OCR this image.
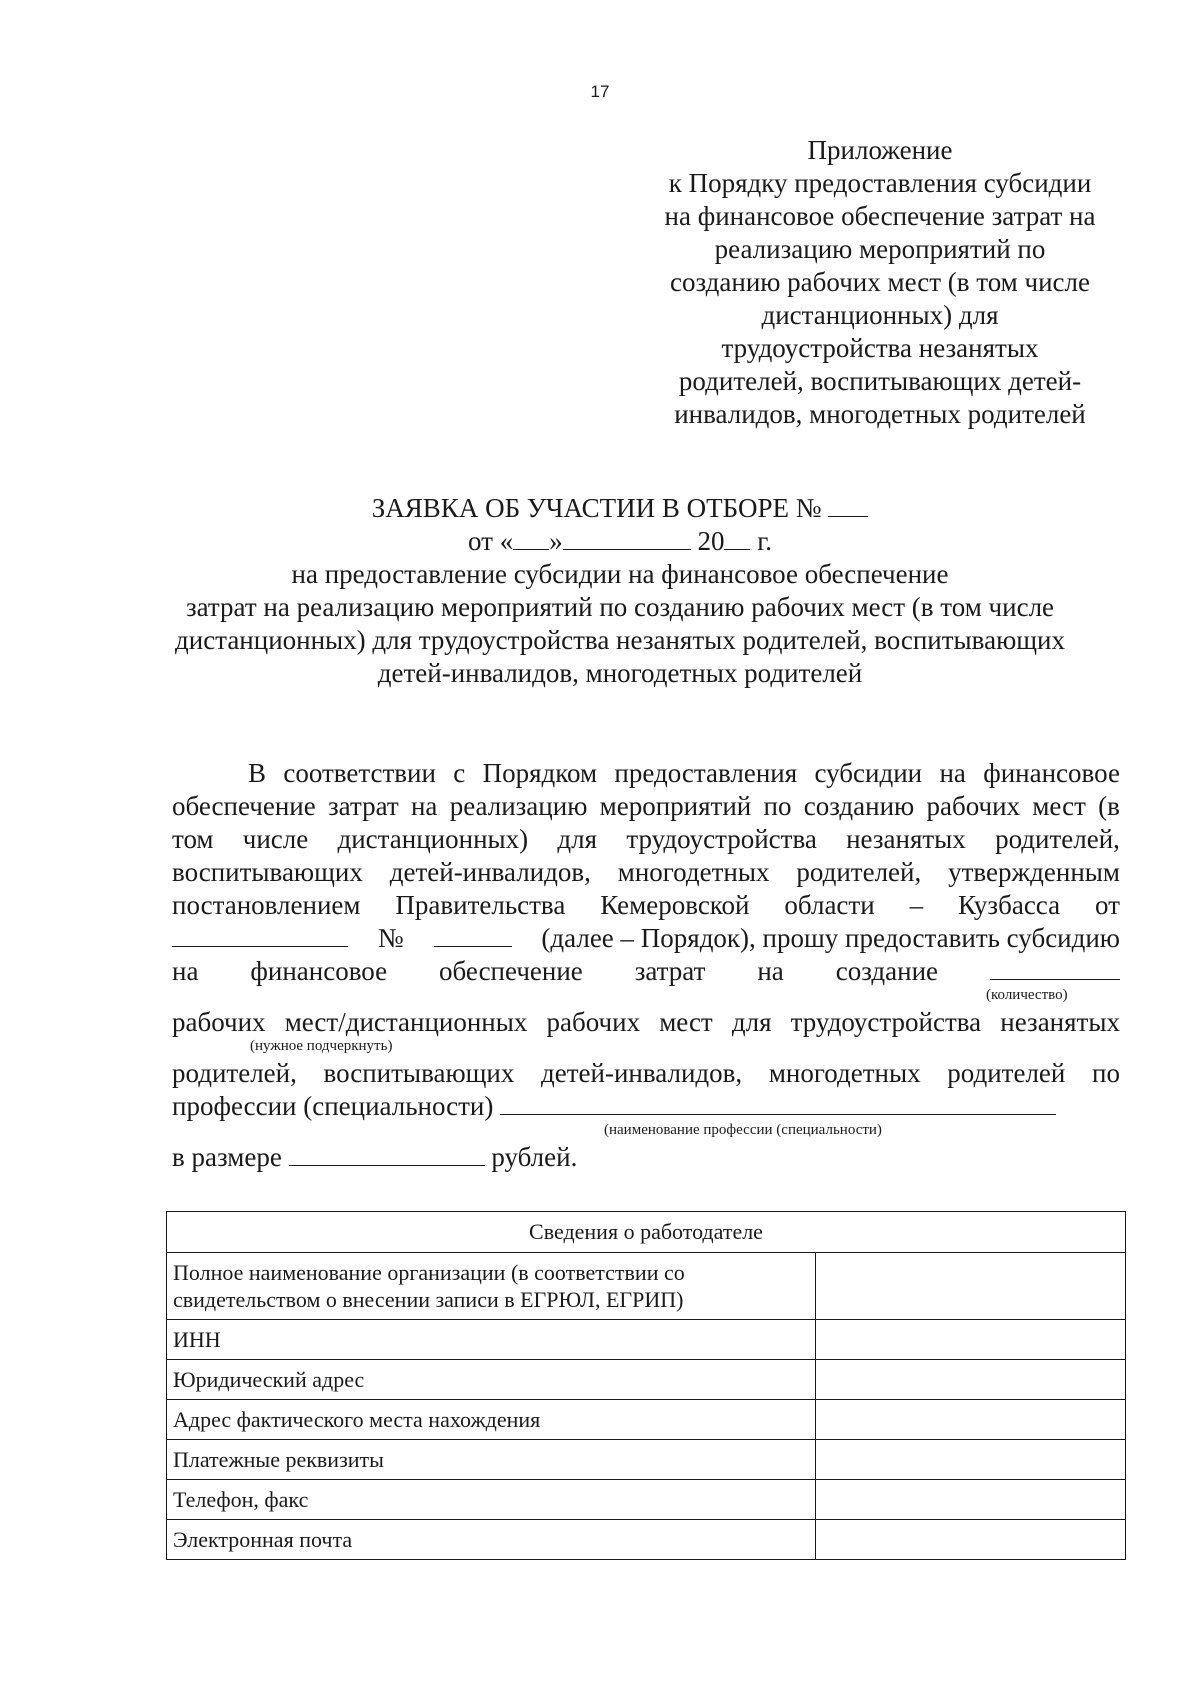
17
Приложение
к Порядку предоставления субсидии
на финансовое обеспечение затрат на
реализацию мероприятий по
созданию рабочих мест (в том числе
дистанционных) для
трудоустройства незанятых
родителей, воспитывающих детей-
инвалидов, многодетных родителей
ЗАЯВКА ОБ УЧАСТИИ В ОТБОРЕ №
от « »	20 г.
на предоставление субсидии на финансовое обеспечение
затрат на реализацию мероприятий по созданию рабочих мест (в том числе
дистанционных) для трудоустройства незанятых родителей, воспитывающих
детей-инвалидов, многодетных родителей
В соответствии с Порядком предоставления субсидии на финансовое
обеспечение затрат на реализацию мероприятий по созданию рабочих мест (в
том числе дистанционных) для трудоустройства незанятых родителей,
воспитывающих детей-инвалидов, многодетных родителей, утвержденным
постановлением Правительства Кемеровской области – Кузбасса от
№	(далее – Порядок), прошу предоставить субсидию
на финансовое обеспечение затрат на создание
(количество)
рабочих мест/дистанционных рабочих мест для трудоустройства незанятых
(нужное подчеркнуть)
родителей, воспитывающих детей-инвалидов, многодетных родителей по
профессии (специальности)
(наименование профессии (специальности)
в размере	рублей.
Сведения о работодателе	
Полное наименование организации (в соответствии со свидетельством о внесении записи в ЕГРЮЛ, ЕГРИП)	
ИНН	
Юридический адрес	
Адрес фактического места нахождения	
Платежные реквизиты	
Телефон, факс	
Электронная почта	
